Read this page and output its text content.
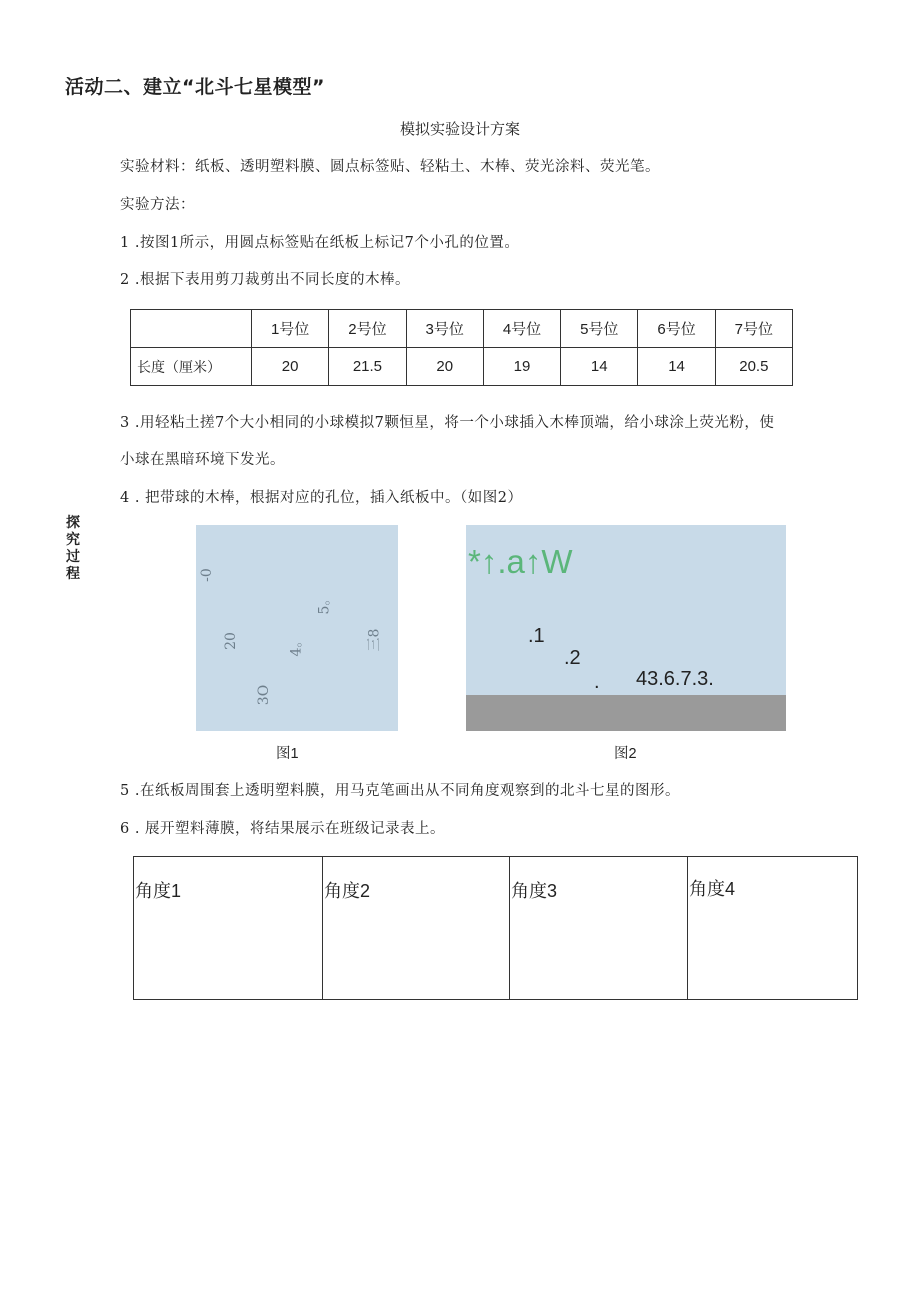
活动二、建立“北斗七星模型”
模拟实验设计方案
实验材料：纸板、透明塑料膜、圆点标签贴、轻粘土、木棒、荧光涂料、荧光笔。
实验方法：
1 .按图1所示，用圆点标签贴在纸板上标记7个小孔的位置。
2 .根据下表用剪刀裁剪出不同长度的木棒。
	1号位	2号位	3号位	4号位	5号位	6号位	7号位
长度（厘米）	20	21.5	20	19	14	14	20.5
3 .用轻粘土搓7个大小相同的小球模拟7颗恒星，将一个小球插入木棒顶端，给小球涂上荧光粉，使
小球在黑暗环境下发光。
4 . 把带球的木棒，根据对应的孔位，插入纸板中。（如图2）
探究过程	-0
5。
20	4。	三8
3O
图1
*↑.a↑W
.1
.2
. 43.6.7.3.
图2
5 .在纸板周围套上透明塑料膜，用马克笔画出从不同角度观察到的北斗七星的图形。
6 . 展开塑料薄膜，将结果展示在班级记录表上。
角度1	角度2	角度3	角度4
